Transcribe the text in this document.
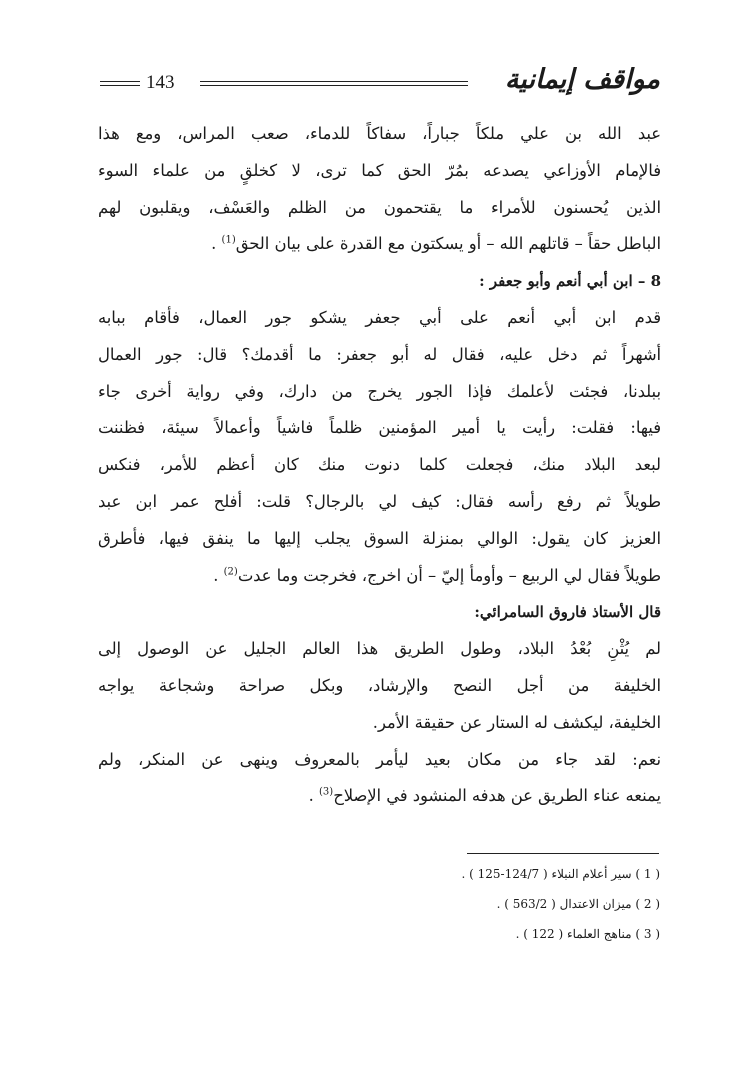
143	مواقف إيمانية
عبد الله بن علي ملكاً جباراً، سفاكاً للدماء، صعب المراس، ومع هذا
فالإمام الأوزاعي يصدعه بمُرّ الحق كما ترى، لا كخلقٍ من علماء السوء
الذين يُحسنون للأمراء ما يقتحمون من الظلم والعَسْف، ويقلبون لهم
الباطل حقاً – قاتلهم الله – أو يسكتون مع القدرة على بيان الحق$^{(1)}$ .
8 – ابن أبي أنعم وأبو جعفر :
قدم ابن أبي أنعم على أبي جعفر يشكو جور العمال، فأقام ببابه
أشهراً ثم دخل عليه، فقال له أبو جعفر: ما أقدمك؟ قال: جور العمال
ببلدنا، فجئت لأعلمك فإذا الجور يخرج من دارك، وفي رواية أخرى جاء
فيها: فقلت: رأيت يا أمير المؤمنين ظلماً فاشياً وأعمالاً سيئة، فظننت
لبعد البلاد منك، فجعلت كلما دنوت منك كان أعظم للأمر، فنكس
طويلاً ثم رفع رأسه فقال: كيف لي بالرجال؟ قلت: أفلح عمر ابن عبد
العزيز كان يقول: الوالي بمنزلة السوق يجلب إليها ما ينفق فيها، فأطرق
طويلاً فقال لي الربيع – وأومأ إليّ – أن اخرج، فخرجت وما عدت$^{(2)}$ .
قال الأستاذ فاروق السامرائي:
لم يُثْنِ بُعْدُ البلاد، وطول الطريق هذا العالم الجليل عن الوصول إلى
الخليفة من أجل النصح والإرشاد، وبكل صراحة وشجاعة يواجه
الخليفة، ليكشف له الستار عن حقيقة الأمر.
نعم: لقد جاء من مكان بعيد ليأمر بالمعروف وينهى عن المنكر، ولم
يمنعه عناء الطريق عن هدفه المنشود في الإصلاح$^{(3)}$ .
( 1 ) سير أعلام النبلاء ( 124/7-125 ) .
( 2 ) ميزان الاعتدال ( 563/2 ) .
( 3 ) مناهج العلماء ( 122 ) .
